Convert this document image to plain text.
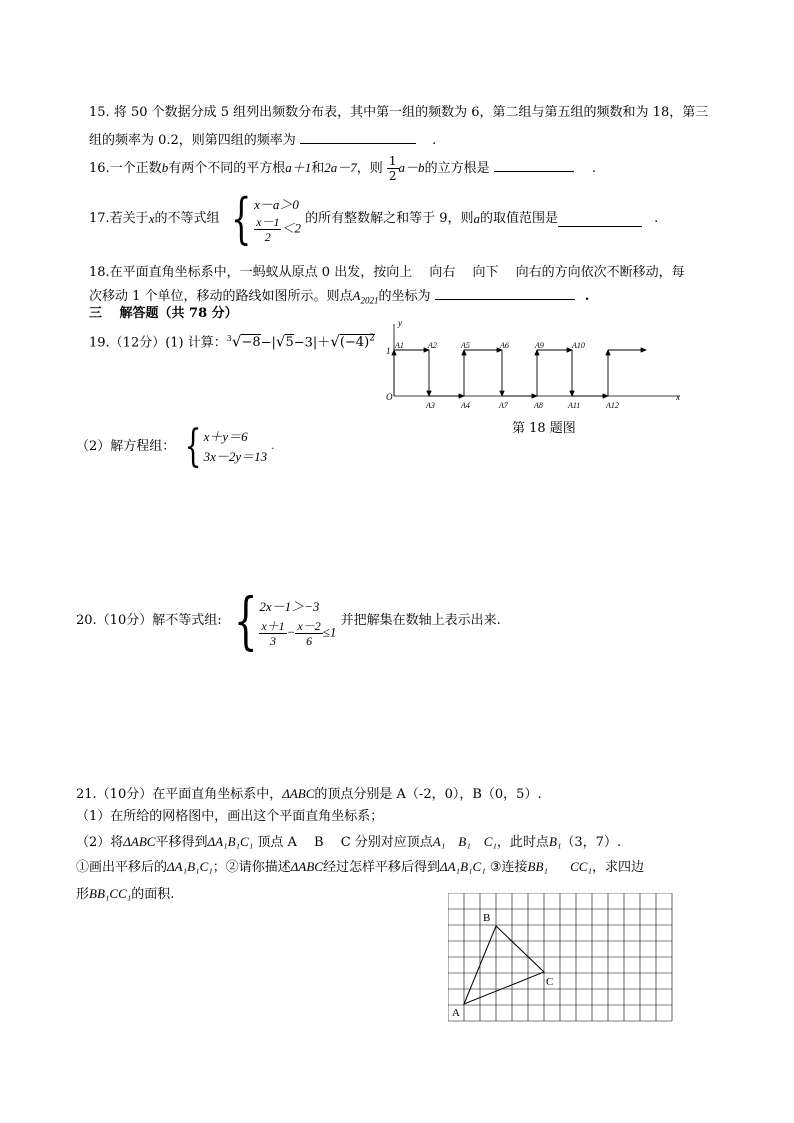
15. 将 50 个数据分成 5 组列出频数分布表，其中第一组的频数为 6，第二组与第五组的频数和为 18，第三
组的频率为 0.2，则第四组的频率为	.
16.一个正数b有两个不同的平方根a＋1和2a－7，则 $\frac{1}{2} a-b$的立方根是	.
17.若关于x的不等式组 { x－a＞0
$\frac{x-1}{2} <2$
的所有整数解之和等于 9，则a的取值范围是	.
18.在平面直角坐标系中，一蚂蚁从原点 0 出发，按向上　 向右　 向下　 向右的方向依次不断移动，每
次移动 1 个单位，移动的路线如图所示。则点$A_{2021}$的坐标为	.
三　 解答题（共 78 分）
19.（12分）(1) 计算：$^3√-8-|√5-3|+√(-4)^2$
y
x
O
1
A1	A2	A5	A6	A9	A10
A3	A4	A7	A8	A11	A12
第 18 题图
（2）解方程组： { x＋y＝6
3x－2y＝13
.
20.（10分）解不等式组: { 2x－1＞−3
$\frac{x+1}{3} - \frac{x-2}{6} \le 1$
并把解集在数轴上表示出来.
21.（10分）在平面直角坐标系中，ΔABC的顶点分别是 A（-2，0），B（0，5）.
（1）在所给的网格图中，画出这个平面直角坐标系；
（2）将ΔABC平移得到ΔA₁B₁C₁ 顶点 A　 B　 C 分别对应顶点A₁　B₁　C₁，此时点B₁（3，7）.
①画出平移后的ΔA₁B₁C₁；②请你描述ΔABC经过怎样平移后得到ΔA₁B₁C₁ ③连接BB₁ CC₁，求四边
形BB₁CC₁的面积.
B
C
A
